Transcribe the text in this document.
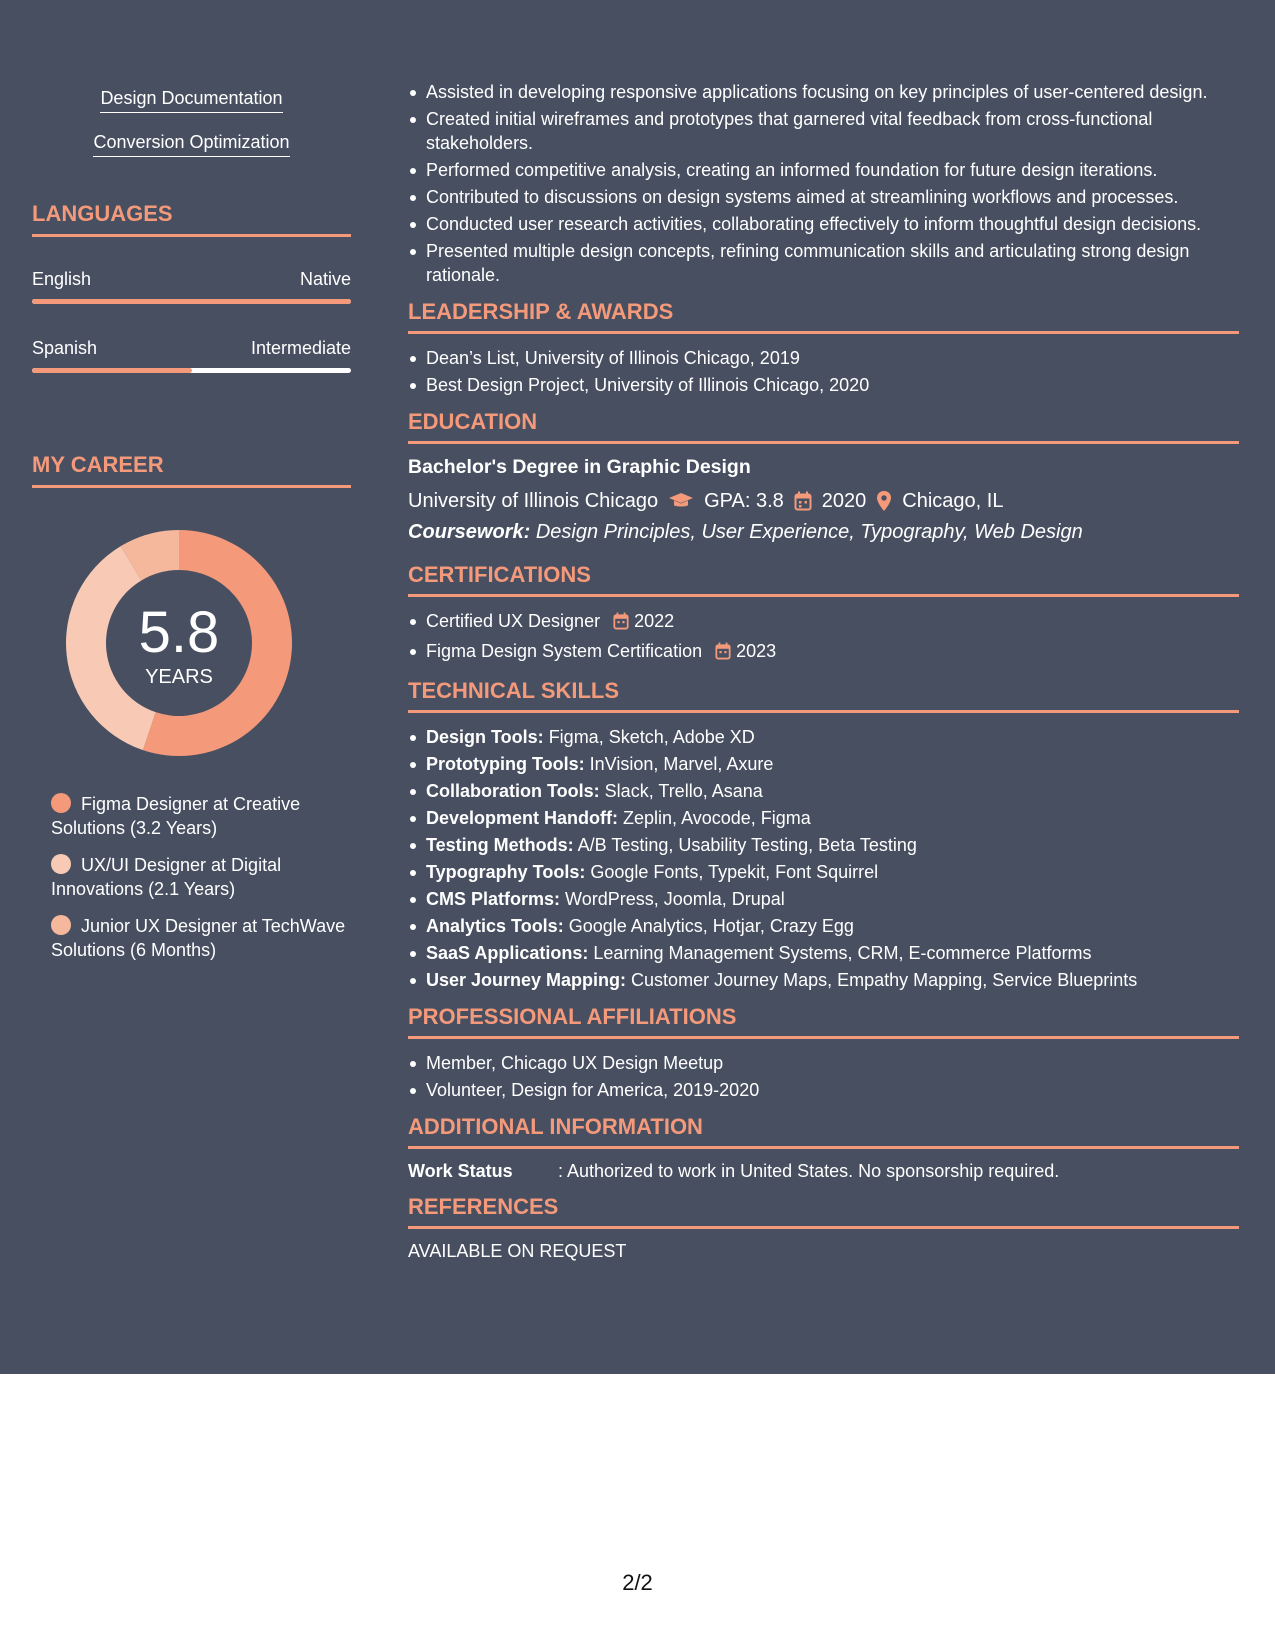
Design Documentation
Conversion Optimization
LANGUAGES
English	Native
Spanish	Intermediate
MY CAREER
5.8
YEARS
Figma Designer at Creative Solutions (3.2 Years)
UX/UI Designer at Digital Innovations (2.1 Years)
Junior UX Designer at TechWave Solutions (6 Months)
Assisted in developing responsive applications focusing on key principles of user-centered design.
Created initial wireframes and prototypes that garnered vital feedback from cross-functional stakeholders.
Performed competitive analysis, creating an informed foundation for future design iterations.
Contributed to discussions on design systems aimed at streamlining workflows and processes.
Conducted user research activities, collaborating effectively to inform thoughtful design decisions.
Presented multiple design concepts, refining communication skills and articulating strong design rationale.
LEADERSHIP & AWARDS
Dean’s List, University of Illinois Chicago, 2019
Best Design Project, University of Illinois Chicago, 2020
EDUCATION
Bachelor's Degree in Graphic Design
University of Illinois Chicago GPA: 3.8 2020 Chicago, IL
Coursework: Design Principles, User Experience, Typography, Web Design
CERTIFICATIONS
Certified UX Designer 2022
Figma Design System Certification 2023
TECHNICAL SKILLS
Design Tools: Figma, Sketch, Adobe XD
Prototyping Tools: InVision, Marvel, Axure
Collaboration Tools: Slack, Trello, Asana
Development Handoff: Zeplin, Avocode, Figma
Testing Methods: A/B Testing, Usability Testing, Beta Testing
Typography Tools: Google Fonts, Typekit, Font Squirrel
CMS Platforms: WordPress, Joomla, Drupal
Analytics Tools: Google Analytics, Hotjar, Crazy Egg
SaaS Applications: Learning Management Systems, CRM, E-commerce Platforms
User Journey Mapping: Customer Journey Maps, Empathy Mapping, Service Blueprints
PROFESSIONAL AFFILIATIONS
Member, Chicago UX Design Meetup
Volunteer, Design for America, 2019-2020
ADDITIONAL INFORMATION
Work Status	: Authorized to work in United States. No sponsorship required.
REFERENCES
AVAILABLE ON REQUEST
2/2
